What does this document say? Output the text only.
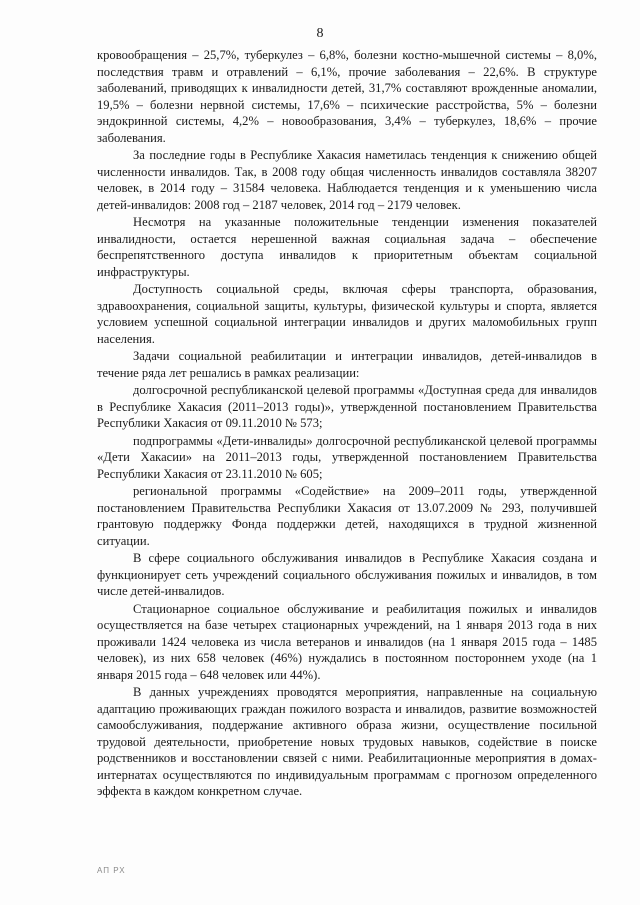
8

кровообращения – 25,7%, туберкулез – 6,8%, болезни костно-мышечной системы – 8,0%, последствия травм и отравлений – 6,1%, прочие заболевания – 22,6%. В структуре заболеваний, приводящих к инвалидности детей, 31,7% составляют врожденные аномалии, 19,5% – болезни нервной системы, 17,6% – психические расстройства, 5% – болезни эндокринной системы, 4,2% – новообразования, 3,4% – туберкулез, 18,6% – прочие заболевания.

За последние годы в Республике Хакасия наметилась тенденция к снижению общей численности инвалидов. Так, в 2008 году общая численность инвалидов составляла 38207 человек, в 2014 году – 31584 человека. Наблюдается тенденция и к уменьшению числа детей-инвалидов: 2008 год – 2187 человек, 2014 год – 2179 человек.

Несмотря на указанные положительные тенденции изменения показателей инвалидности, остается нерешенной важная социальная задача – обеспечение беспрепятственного доступа инвалидов к приоритетным объектам социальной инфраструктуры.

Доступность социальной среды, включая сферы транспорта, образования, здравоохранения, социальной защиты, культуры, физической культуры и спорта, является условием успешной социальной интеграции инвалидов и других маломобильных групп населения.

Задачи социальной реабилитации и интеграции инвалидов, детей-инвалидов в течение ряда лет решались в рамках реализации:

долгосрочной республиканской целевой программы «Доступная среда для инвалидов в Республике Хакасия (2011–2013 годы)», утвержденной постановлением Правительства Республики Хакасия от 09.11.2010 № 573;

подпрограммы «Дети-инвалиды» долгосрочной республиканской целевой программы «Дети Хакасии» на 2011–2013 годы, утвержденной постановлением Правительства Республики Хакасия от 23.11.2010 № 605;

региональной программы «Содействие» на 2009–2011 годы, утвержденной постановлением Правительства Республики Хакасия от 13.07.2009 № 293, получившей грантовую поддержку Фонда поддержки детей, находящихся в трудной жизненной ситуации.

В сфере социального обслуживания инвалидов в Республике Хакасия создана и функционирует сеть учреждений социального обслуживания пожилых и инвалидов, в том числе детей-инвалидов.

Стационарное социальное обслуживание и реабилитация пожилых и инвалидов осуществляется на базе четырех стационарных учреждений, на 1 января 2013 года в них проживали 1424 человека из числа ветеранов и инвалидов (на 1 января 2015 года – 1485 человек), из них 658 человек (46%) нуждались в постоянном постороннем уходе (на 1 января 2015 года – 648 человек или 44%).

В данных учреждениях проводятся мероприятия, направленные на социальную адаптацию проживающих граждан пожилого возраста и инвалидов, развитие возможностей самообслуживания, поддержание активного образа жизни, осуществление посильной трудовой деятельности, приобретение новых трудовых навыков, содействие в поиске родственников и восстановлении связей с ними. Реабилитационные мероприятия в домах-интернатах осуществляются по индивидуальным программам с прогнозом определенного эффекта в каждом конкретном случае.

АП РХ
